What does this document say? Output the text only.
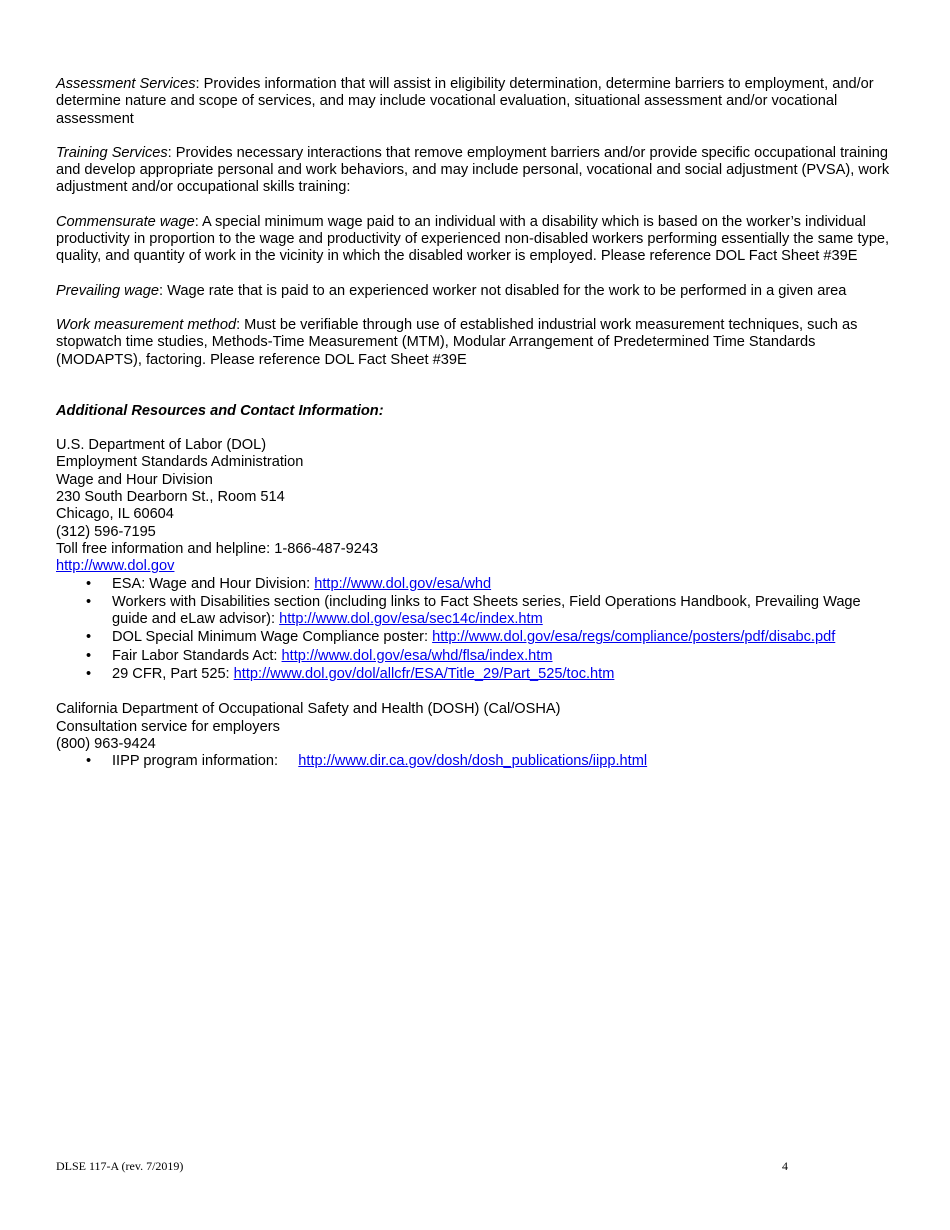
Assessment Services: Provides information that will assist in eligibility determination, determine barriers to employment, and/or determine nature and scope of services, and may include vocational evaluation, situational assessment and/or vocational assessment

Training Services: Provides necessary interactions that remove employment barriers and/or provide specific occupational training and develop appropriate personal and work behaviors, and may include personal, vocational and social adjustment (PVSA), work adjustment and/or occupational skills training:

Commensurate wage: A special minimum wage paid to an individual with a disability which is based on the worker’s individual productivity in proportion to the wage and productivity of experienced non-disabled workers performing essentially the same type, quality, and quantity of work in the vicinity in which the disabled worker is employed. Please reference DOL Fact Sheet #39E

Prevailing wage: Wage rate that is paid to an experienced worker not disabled for the work to be performed in a given area

Work measurement method: Must be verifiable through use of established industrial work measurement techniques, such as stopwatch time studies, Methods-Time Measurement (MTM), Modular Arrangement of Predetermined Time Standards (MODAPTS), factoring. Please reference DOL Fact Sheet #39E

Additional Resources and Contact Information:
U.S. Department of Labor (DOL)
Employment Standards Administration
Wage and Hour Division
230 South Dearborn St., Room 514
Chicago, IL 60604
(312) 596-7195
Toll free information and helpline: 1-866-487-9243
http://www.dol.gov
• ESA: Wage and Hour Division: http://www.dol.gov/esa/whd
• Workers with Disabilities section (including links to Fact Sheets series, Field Operations Handbook, Prevailing Wage guide and eLaw advisor): http://www.dol.gov/esa/sec14c/index.htm
• DOL Special Minimum Wage Compliance poster: http://www.dol.gov/esa/regs/compliance/posters/pdf/disabc.pdf
• Fair Labor Standards Act: http://www.dol.gov/esa/whd/flsa/index.htm
• 29 CFR, Part 525: http://www.dol.gov/dol/allcfr/ESA/Title_29/Part_525/toc.htm
California Department of Occupational Safety and Health (DOSH) (Cal/OSHA)
Consultation service for employers
(800) 963-9424
• IIPP program information:     http://www.dir.ca.gov/dosh/dosh_publications/iipp.html
DLSE 117-A (rev. 7/2019)	4
